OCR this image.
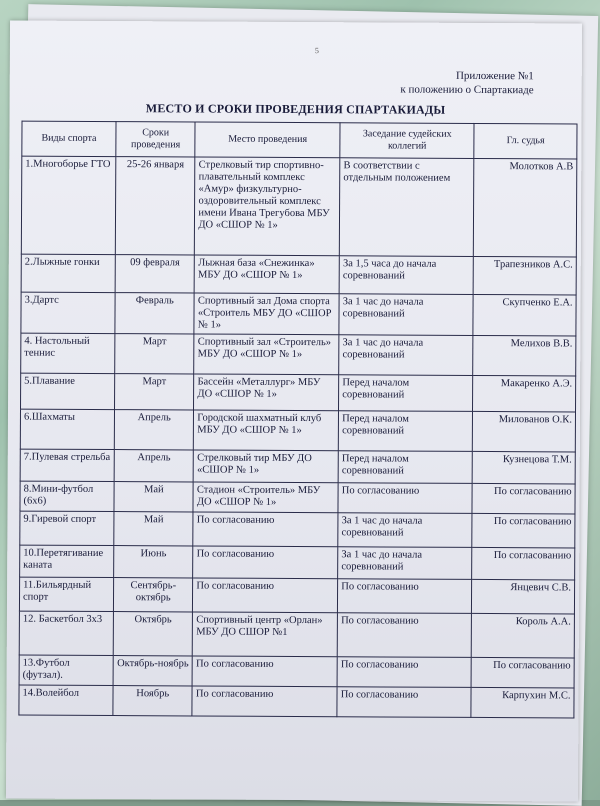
5
Приложение №1
к положению о Спартакиаде
МЕСТО И СРОКИ ПРОВЕДЕНИЯ СПАРТАКИАДЫ
Виды спорта	Сроки проведения	Место проведения	Заседание судейских коллегий	Гл. судья
1.Многоборье ГТО	25-26 января	Стрелковый тир спортивно-плавательный комплекс «Амур» физкультурно-оздоровительный комплекс имени Ивана Трегубова МБУ ДО «СШОР № 1»	В соответствии с отдельным положением	Молотков А.В
2.Лыжные гонки	09 февраля	Лыжная база «Снежинка» МБУ ДО «СШОР № 1»	За 1,5 часа до начала соревнований	Трапезников А.С.
3.Дартс	Февраль	Спортивный зал Дома спорта «Строитель МБУ ДО «СШОР № 1»	За 1 час до начала соревнований	Скупченко Е.А.
4. Настольный теннис	Март	Спортивный зал «Строитель» МБУ ДО «СШОР № 1»	За 1 час до начала соревнований	Мелихов В.В.
5.Плавание	Март	Бассейн «Металлург» МБУ ДО «СШОР № 1»	Перед началом соревнований	Макаренко А.Э.
6.Шахматы	Апрель	Городской шахматный клуб МБУ ДО «СШОР № 1»	Перед началом соревнований	Милованов О.К.
7.Пулевая стрельба	Апрель	Стрелковый тир МБУ ДО «СШОР № 1»	Перед началом соревнований	Кузнецова Т.М.
8.Мини-футбол (6х6)	Май	Стадион «Строитель» МБУ ДО «СШОР № 1»	По согласованию	По согласованию
9.Гиревой спорт	Май	По согласованию	За 1 час до начала соревнований	По согласованию
10.Перетягивание каната	Июнь	По согласованию	За 1 час до начала соревнований	По согласованию
11.Бильярдный спорт	Сентябрь-октябрь	По согласованию	По согласованию	Янцевич С.В.
12. Баскетбол 3х3	Октябрь	Спортивный центр «Орлан» МБУ ДО СШОР №1	По согласованию	Король А.А.
13.Футбол (футзал).	Октябрь-ноябрь	По согласованию	По согласованию	По согласованию
14.Волейбол	Ноябрь	По согласованию	По согласованию	Карпухин М.С.
